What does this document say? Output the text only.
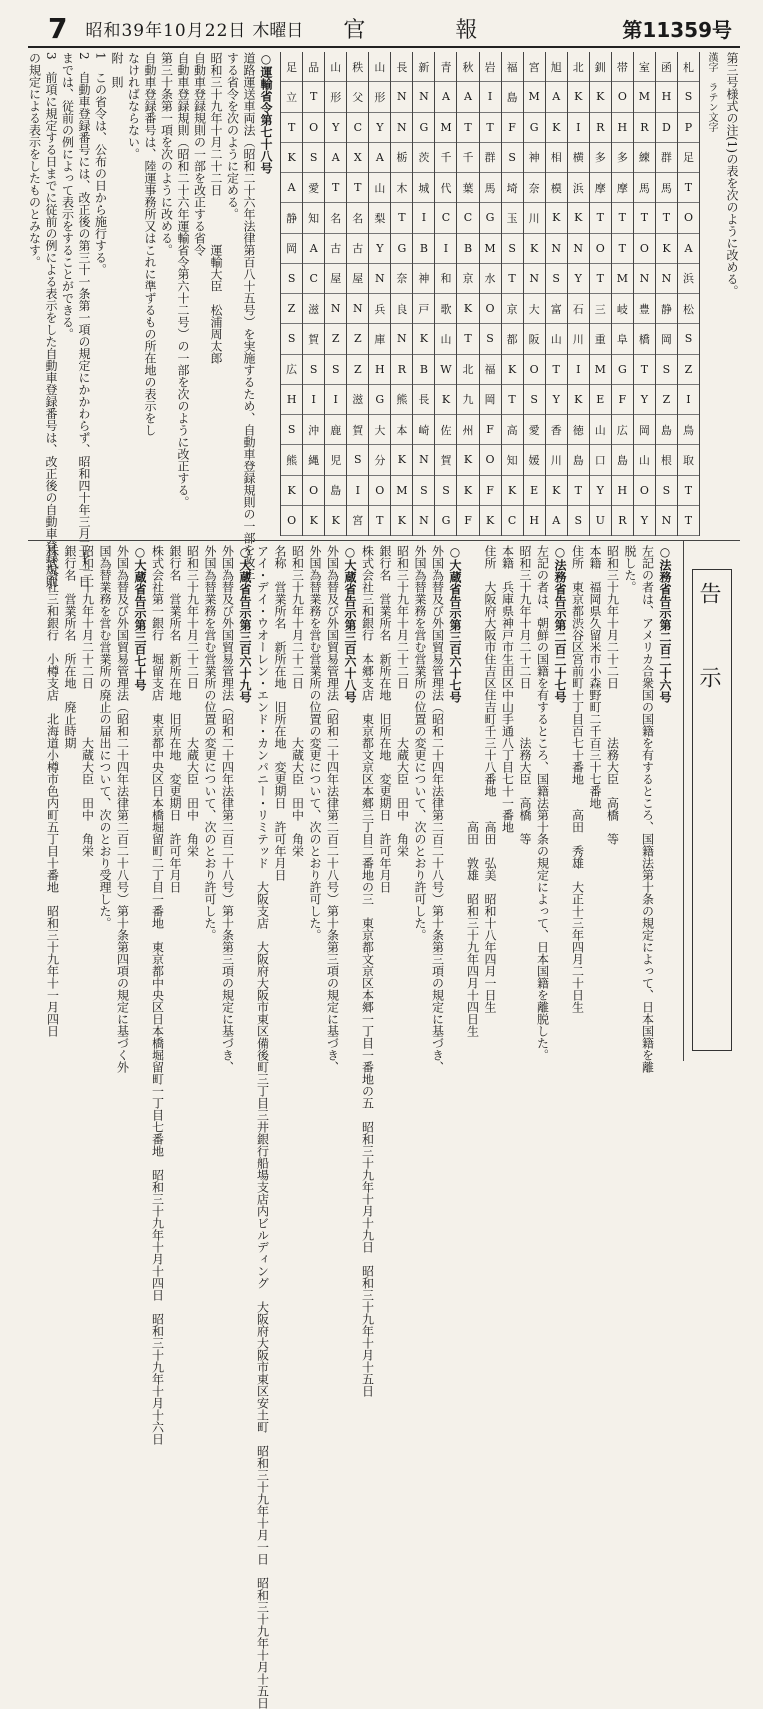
7 昭和39年10月22日 木曜日 官　報	第11359号
第三号様式の注(1)の表を次のように改める。
漢字　ラテン文字
札
S
P
足
T
O
A
浜
松
S
Z
I
鳥
取
T
T
函
H
D
群
馬
T
K
N
静
岡
S
Z
島
根
S
N
室
M
R
練
馬
T
O
N
豊
橋
T
Y
岡
山
O
Y
帯
O
H
多
摩
T
T
M
岐
阜
G
F
広
島
H
R
釧
K
R
多
摩
T
O
T
三
重
M
E
山
口
Y
U
北
K
I
横
浜
K
N
Y
石
川
I
K
徳
島
T
S
旭
A
K
相
模
K
N
S
富
山
T
Y
香
川
K
A
宮
M
G
神
奈
川
K
N
大
阪
O
S
愛
媛
E
H
福
島
F
S
埼
玉
S
T
京
都
K
T
高
知
K
C
岩
I
T
群
馬
G
M
水
O
S
福
岡
F
O
F
K
秋
A
T
千
葉
C
B
京
K
T
北
九
州
K
K
F
青
A
M
千
代
C
I
和
歌
山
W
K
佐
賀
S
G
新
N
G
茨
城
I
B
神
戸
K
B
長
崎
N
S
N
長
N
N
栃
木
T
G
奈
良
N
R
熊
本
K
M
K
山
形
Y
A
山
梨
Y
N
兵
庫
H
G
大
分
O
T
秩
父
C
X
T
名
古
屋
N
Z
Z
滋
賀
S
I
宮
山
形
Y
A
T
名
古
屋
N
Z
S
I
鹿
児
島
K
品
T
O
S
愛
知
A
C
滋
賀
S
I
沖
縄
O
K
足
立
T
K
A
静
岡
S
Z
S
広
H
S
熊
K
O
○運輸省令第七十八号
道路運送車両法（昭和二十六年法律第百八十五号）を実施するため、自動車登録規則の一部を改正
する省令を次のように定める。
昭和三十九年十月二十二日　　　　運輸大臣　松浦周太郎
自動車登録規則の一部を改正する省令
自動車登録規則（昭和二十六年運輸省令第六十二号）の一部を次のように改正する。
第三十条第一項を次のように改める。
自動車登録番号は、陸運事務所又はこれに準ずるもの所在地の表示をし
なければならない。
附　則
1　この省令は、公布の日から施行する。
2　自動車登録番号には、改正後の第三十一条第一項の規定にかかわらず、昭和四十年三月三十一日
までは、従前の例によって表示をすることができる。
3　前項に規定する日までに従前の例による表示をした自動車登録番号は、改正後の自動車登録規則
の規定による表示をしたものとみなす。
告　示
○法務省告示第二百二十六号
左記の者は、アメリカ合衆国の国籍を有するところ、国籍法第十条の規定によって、日本国籍を離
脱した。
昭和三十九年十月二十二日　　　　法務大臣　高橋　等
本籍　福岡県久留米市小森野町二千百三十七番地
住所　東京都渋谷区宮前町十丁目百七十番地　　高田　秀雄　大正十三年四月二十日生
○法務省告示第二百二十七号
左記の者は、朝鮮の国籍を有するところ、国籍法第十条の規定によって、日本国籍を離脱した。
昭和三十九年十月二十二日　　　　法務大臣　高橋　等
本籍　兵庫県神戸市生田区中山手通八丁目七十一番地
住所　大阪府大阪市住吉区住吉町千三十八番地　　高田　弘美　昭和十八年四月一日生
　　　　　　　　　　　　　　　　　　　　　　　高田　敦雄　昭和三十九年四月十四日生
○大蔵省告示第三百六十七号
外国為替及び外国貿易管理法（昭和二十四年法律第二百二十八号）第十条第三項の規定に基づき、
外国為替業務を営む営業所の位置の変更について、次のとおり許可した。
昭和三十九年十月二十二日　　　　大蔵大臣　田中　角栄
銀行名　営業所名　新所在地　旧所在地　変更期日　許可年月日
株式会社三和銀行　本郷支店　東京都文京区本郷三丁目二番地の三　東京都文京区本郷一丁目一番地の五　昭和三十九年十月十九日　昭和三十九年十月十五日
○大蔵省告示第三百六十八号
外国為替及び外国貿易管理法（昭和二十四年法律第二百二十八号）第十条第三項の規定に基づき、
外国為替業務を営む営業所の位置の変更について、次のとおり許可した。
昭和三十九年十月二十二日　　　　大蔵大臣　田中　角栄
名称　営業所名　新所在地　旧所在地　変更期日　許可年月日
アイ・デイ・ウオーレン・エンド・カンパニー・リミテッド　大阪支店　大阪府大阪市東区備後町三丁目三井銀行船場支店内ビルディング　大阪府大阪市東区安土町　昭和三十九年十月一日　昭和三十九年十月十五日
○大蔵省告示第三百六十九号
外国為替及び外国貿易管理法（昭和二十四年法律第二百二十八号）第十条第三項の規定に基づき、
外国為替業務を営む営業所の位置の変更について、次のとおり許可した。
昭和三十九年十月二十二日　　　　大蔵大臣　田中　角栄
銀行名　営業所名　新所在地　旧所在地　変更期日　許可年月日
株式会社第一銀行　堀留支店　東京都中央区日本橋堀留町二丁目一番地　東京都中央区日本橋堀留町一丁目七番地　昭和三十九年十月十四日　昭和三十九年十月十六日
○大蔵省告示第三百七十号
外国為替及び外国貿易管理法（昭和二十四年法律第二百二十八号）第十条第四項の規定に基づく外
国為替業務を営む営業所の廃止の届出について、次のとおり受理した。
昭和三十九年十月二十二日　　　　大蔵大臣　田中　角栄
銀行名　営業所名　所在地　廃止時期
株式会社三和銀行　小樽支店　北海道小樽市色内町五丁目十番地　昭和三十九年十一月四日
